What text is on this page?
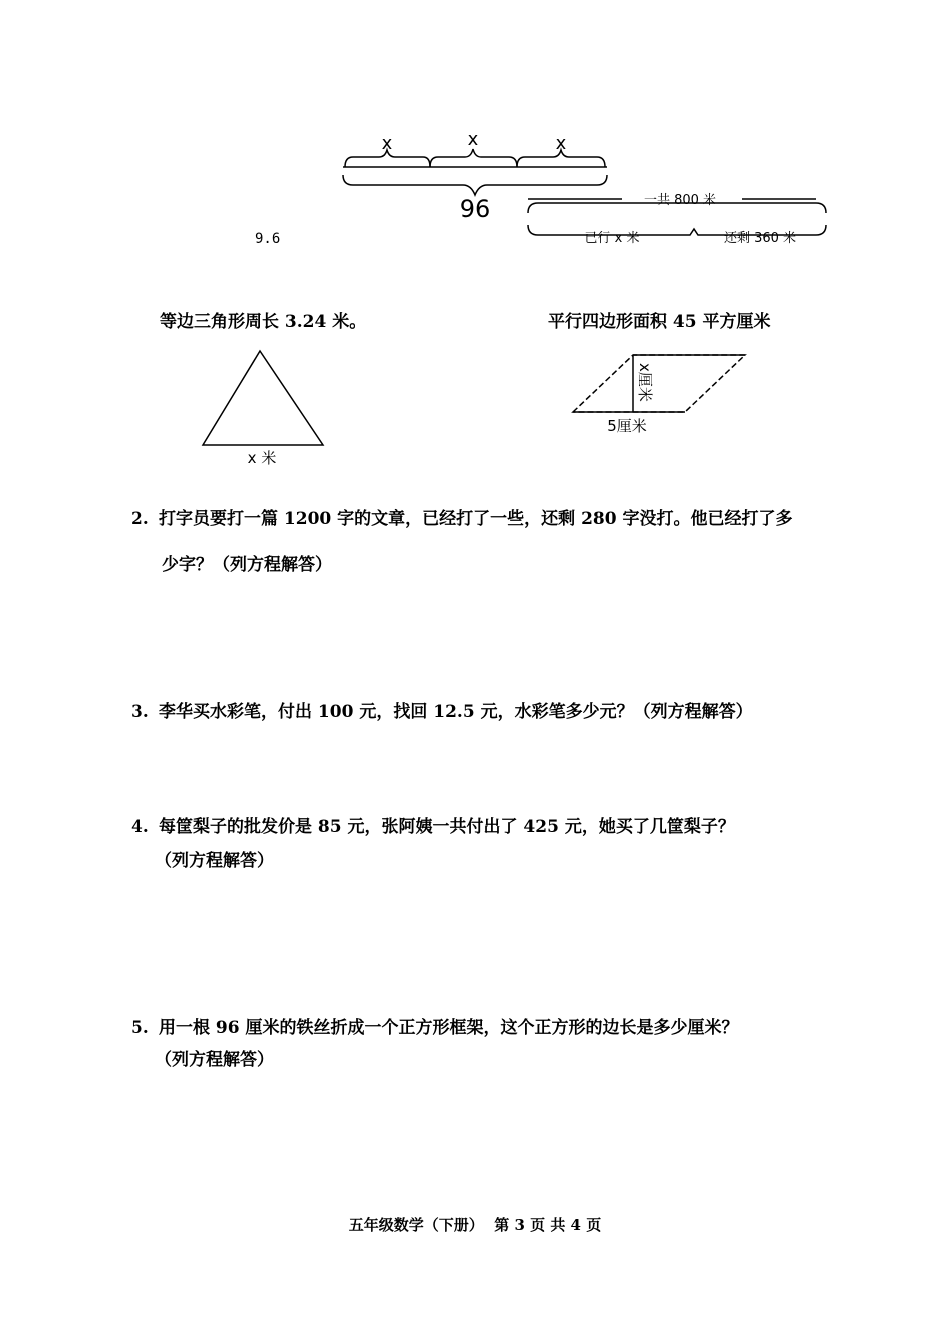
x	x	x
96
9.6
一共 800 米
已行 x 米	还剩 360 米
等边三角形周长 3.24 米。
x 米
平行四边形面积 45 平方厘米
x厘米
5厘米
2. 打字员要打一篇 1200 字的文章，已经打了一些，还剩 280 字没打。他已经打了多
少字？（列方程解答）
3. 李华买水彩笔，付出 100 元，找回 12.5 元，水彩笔多少元？（列方程解答）
4. 每筐梨子的批发价是 85 元，张阿姨一共付出了 425 元，她买了几筐梨子？
（列方程解答）
5. 用一根 96 厘米的铁丝折成一个正方形框架，这个正方形的边长是多少厘米？
（列方程解答）
五年级数学（下册）  第 3 页 共 4 页
